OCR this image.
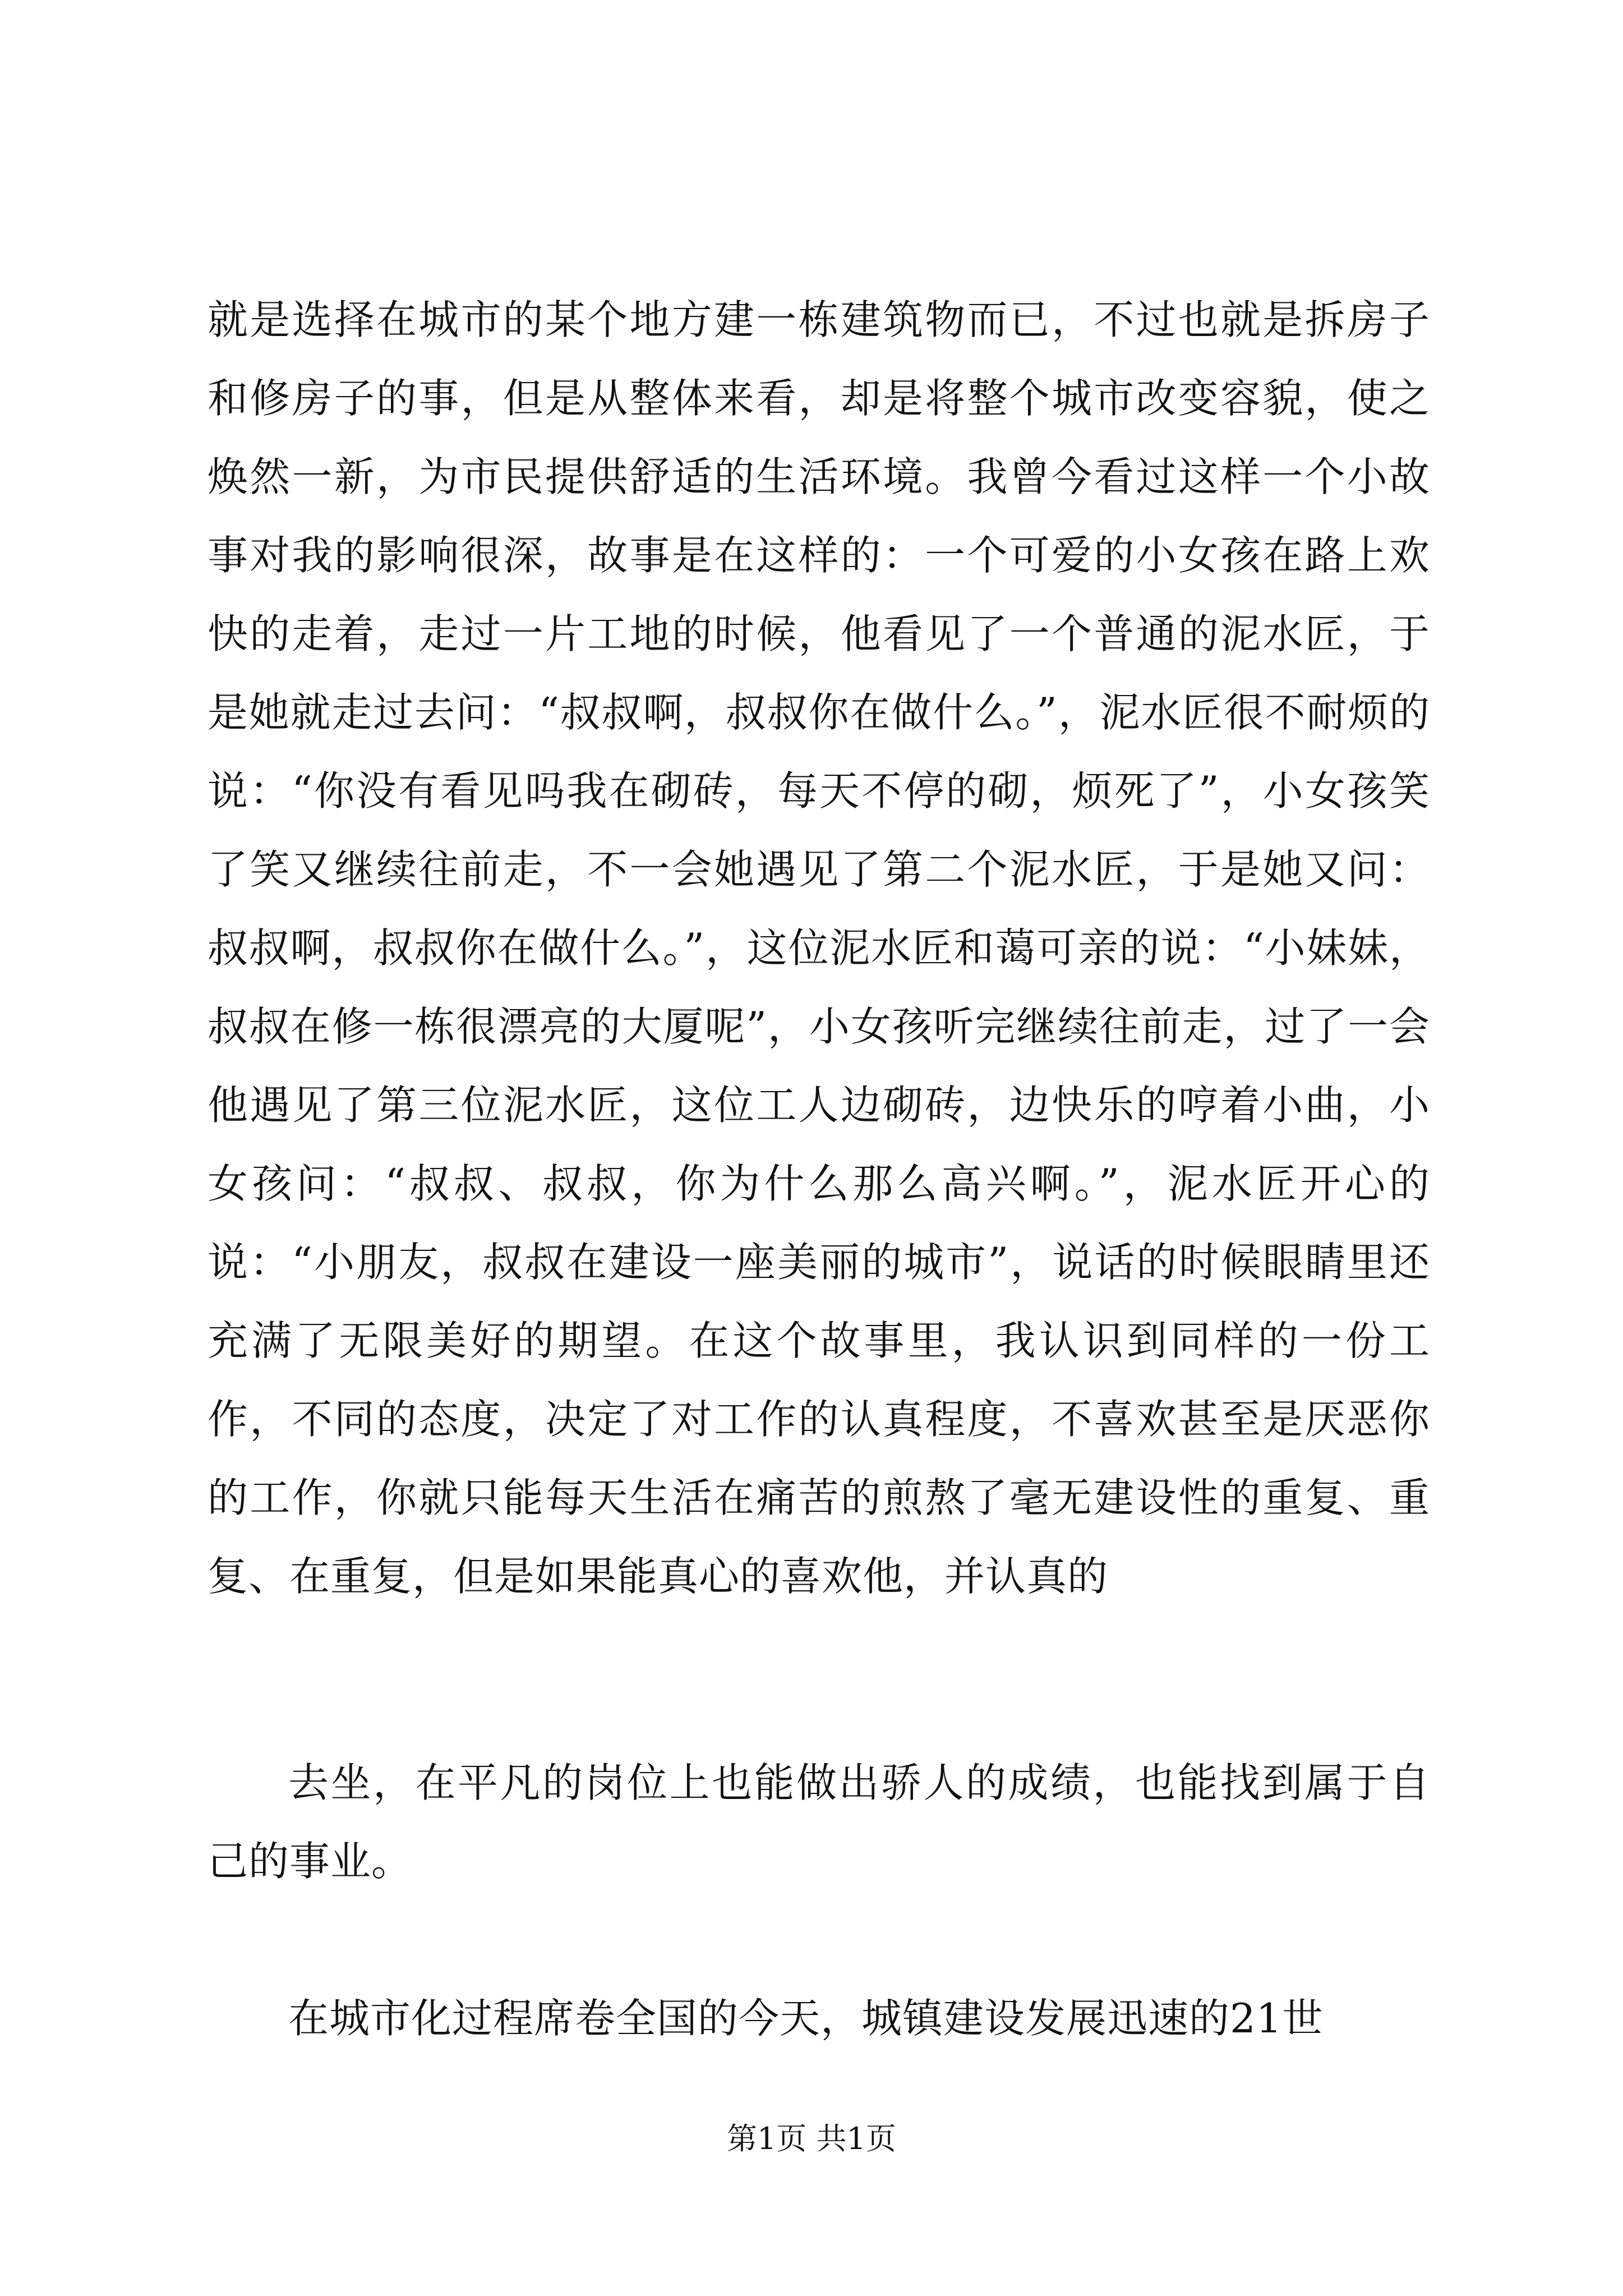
就是选择在城市的某个地方建一栋建筑物而已，不过也就是拆房子和修房子的事，但是从整体来看，却是将整个城市改变容貌，使之焕然一新，为市民提供舒适的生活环境。我曾今看过这样一个小故事对我的影响很深，故事是在这样的：一个可爱的小女孩在路上欢快的走着，走过一片工地的时候，他看见了一个普通的泥水匠，于是她就走过去问：“叔叔啊，叔叔你在做什么。”，泥水匠很不耐烦的说：“你没有看见吗我在砌砖，每天不停的砌，烦死了”，小女孩笑了笑又继续往前走，不一会她遇见了第二个泥水匠，于是她又问：叔叔啊，叔叔你在做什么。”，这位泥水匠和蔼可亲的说：“小妹妹，叔叔在修一栋很漂亮的大厦呢”，小女孩听完继续往前走，过了一会他遇见了第三位泥水匠，这位工人边砌砖，边快乐的哼着小曲，小女孩问：“叔叔、叔叔，你为什么那么高兴啊。”，泥水匠开心的说：“小朋友，叔叔在建设一座美丽的城市”，说话的时候眼睛里还充满了无限美好的期望。在这个故事里，我认识到同样的一份工作，不同的态度，决定了对工作的认真程度，不喜欢甚至是厌恶你的工作，你就只能每天生活在痛苦的煎熬了毫无建设性的重复、重复、在重复，但是如果能真心的喜欢他，并认真的

去坐，在平凡的岗位上也能做出骄人的成绩，也能找到属于自己的事业。

在城市化过程席卷全国的今天，城镇建设发展迅速的21世

第1页 共1页
